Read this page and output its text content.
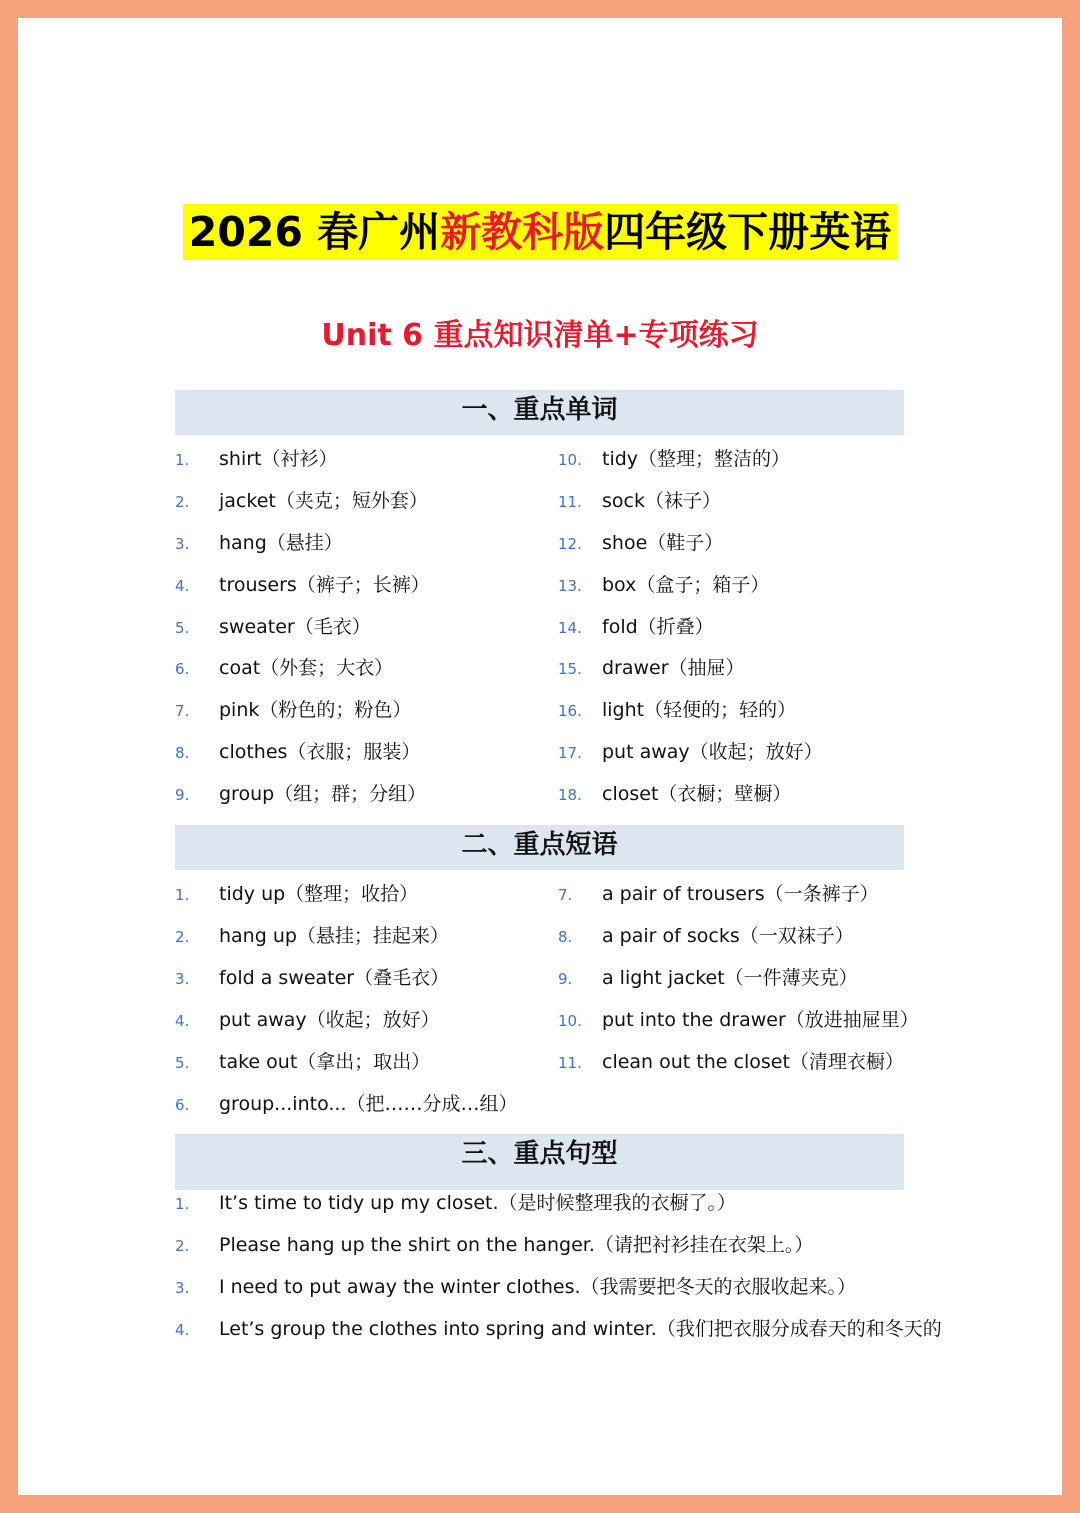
2026 春广州新教科版四年级下册英语
Unit 6 重点知识清单+专项练习
一、重点单词
1. shirt（衬衫）
2. jacket（夹克；短外套）
3. hang（悬挂）
4. trousers（裤子；长裤）
5. sweater（毛衣）
6. coat（外套；大衣）
7. pink（粉色的；粉色）
8. clothes（衣服；服装）
9. group（组；群；分组）
10. tidy（整理；整洁的）
11. sock（袜子）
12. shoe（鞋子）
13. box（盒子；箱子）
14. fold（折叠）
15. drawer（抽屉）
16. light（轻便的；轻的）
17. put away（收起；放好）
18. closet（衣橱；壁橱）
二、重点短语
1. tidy up（整理；收拾）
2. hang up（悬挂；挂起来）
3. fold a sweater（叠毛衣）
4. put away（收起；放好）
5. take out（拿出；取出）
6. group...into...（把……分成…组）
7. a pair of trousers（一条裤子）
8. a pair of socks（一双袜子）
9. a light jacket（一件薄夹克）
10. put into the drawer（放进抽屉里）
11. clean out the closet（清理衣橱）
三、重点句型
1. It’s time to tidy up my closet.（是时候整理我的衣橱了。）
2. Please hang up the shirt on the hanger.（请把衬衫挂在衣架上。）
3. I need to put away the winter clothes.（我需要把冬天的衣服收起来。）
4. Let’s group the clothes into spring and winter.（我们把衣服分成春天的和冬天的
